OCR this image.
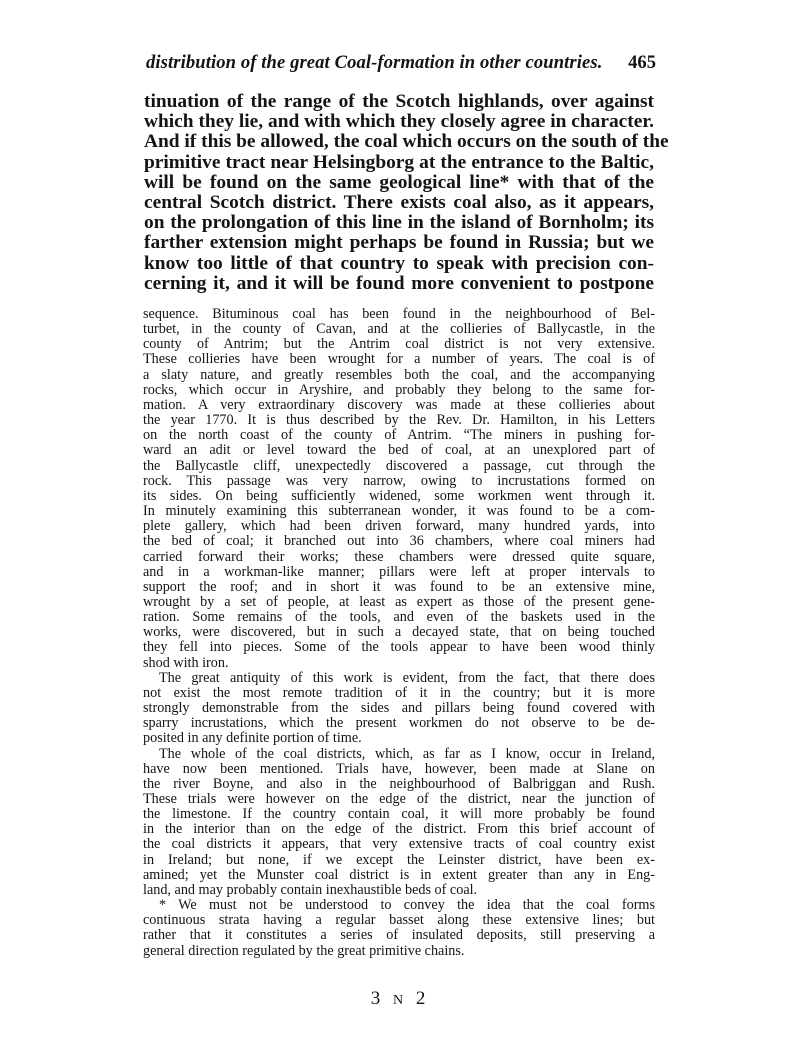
distribution of the great Coal-formation in other countries. 465
tinuation of the range of the Scotch highlands, over against
which they lie, and with which they closely agree in character.
And if this be allowed, the coal which occurs on the south of the
primitive tract near Helsingborg at the entrance to the Baltic,
will be found on the same geological line* with that of the
central Scotch district. There exists coal also, as it appears,
on the prolongation of this line in the island of Bornholm; its
farther extension might perhaps be found in Russia; but we
know too little of that country to speak with precision con-
cerning it, and it will be found more convenient to postpone
sequence. Bituminous coal has been found in the neighbourhood of Bel-
turbet, in the county of Cavan, and at the collieries of Ballycastle, in the
county of Antrim; but the Antrim coal district is not very extensive.
These collieries have been wrought for a number of years. The coal is of
a slaty nature, and greatly resembles both the coal, and the accompanying
rocks, which occur in Aryshire, and probably they belong to the same for-
mation. A very extraordinary discovery was made at these collieries about
the year 1770. It is thus described by the Rev. Dr. Hamilton, in his Letters
on the north coast of the county of Antrim. “The miners in pushing for-
ward an adit or level toward the bed of coal, at an unexplored part of
the Ballycastle cliff, unexpectedly discovered a passage, cut through the
rock. This passage was very narrow, owing to incrustations formed on
its sides. On being sufficiently widened, some workmen went through it.
In minutely examining this subterranean wonder, it was found to be a com-
plete gallery, which had been driven forward, many hundred yards, into
the bed of coal; it branched out into 36 chambers, where coal miners had
carried forward their works; these chambers were dressed quite square,
and in a workman-like manner; pillars were left at proper intervals to
support the roof; and in short it was found to be an extensive mine,
wrought by a set of people, at least as expert as those of the present gene-
ration. Some remains of the tools, and even of the baskets used in the
works, were discovered, but in such a decayed state, that on being touched
they fell into pieces. Some of the tools appear to have been wood thinly
shod with iron.
The great antiquity of this work is evident, from the fact, that there does
not exist the most remote tradition of it in the country; but it is more
strongly demonstrable from the sides and pillars being found covered with
sparry incrustations, which the present workmen do not observe to be de-
posited in any definite portion of time.
The whole of the coal districts, which, as far as I know, occur in Ireland,
have now been mentioned. Trials have, however, been made at Slane on
the river Boyne, and also in the neighbourhood of Balbriggan and Rush.
These trials were however on the edge of the district, near the junction of
the limestone. If the country contain coal, it will more probably be found
in the interior than on the edge of the district. From this brief account of
the coal districts it appears, that very extensive tracts of coal country exist
in Ireland; but none, if we except the Leinster district, have been ex-
amined; yet the Munster coal district is in extent greater than any in Eng-
land, and may probably contain inexhaustible beds of coal.
* We must not be understood to convey the idea that the coal forms
continuous strata having a regular basset along these extensive lines; but
rather that it constitutes a series of insulated deposits, still preserving a
general direction regulated by the great primitive chains.
3 N 2
